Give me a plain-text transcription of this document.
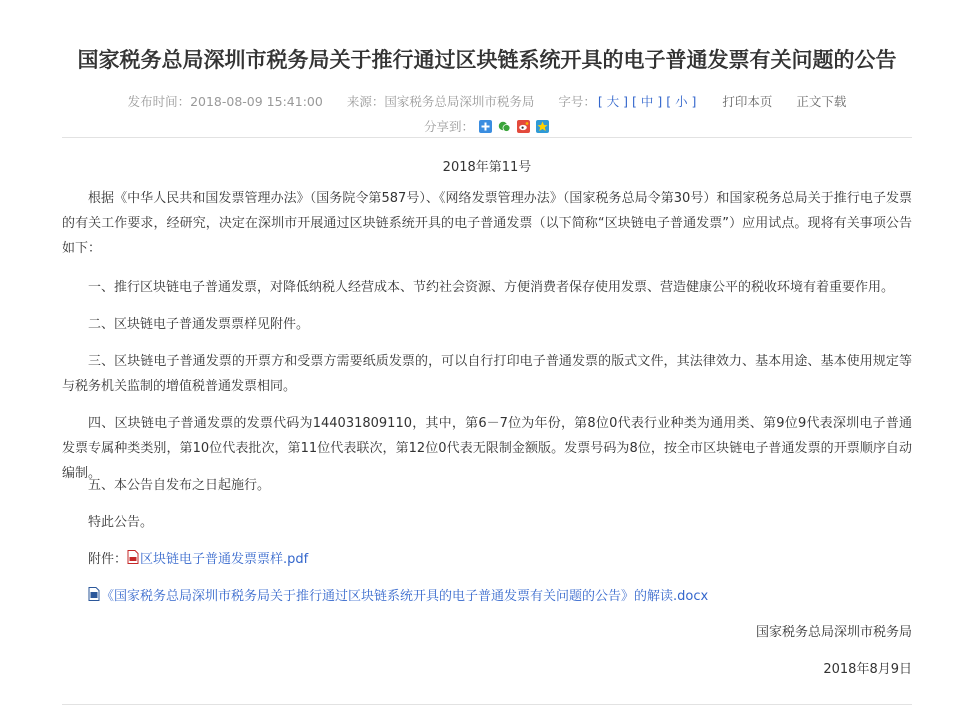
国家税务总局深圳市税务局关于推行通过区块链系统开具的电子普通发票有关问题的公告
发布时间：2018-08-09 15:41:00 来源：国家税务总局深圳市税务局 字号： [ 大 ] [ 中 ] [ 小 ] 打印本页 正文下载
分享到：
2018年第11号
根据《中华人民共和国发票管理办法》（国务院令第587号）、《网络发票管理办法》（国家税务总局令第30号）和国家税务总局关于推行电子发票的有关工作要求，经研究，决定在深圳市开展通过区块链系统开具的电子普通发票（以下简称“区块链电子普通发票”）应用试点。现将有关事项公告如下：
一、推行区块链电子普通发票，对降低纳税人经营成本、节约社会资源、方便消费者保存使用发票、营造健康公平的税收环境有着重要作用。
二、区块链电子普通发票票样见附件。
三、区块链电子普通发票的开票方和受票方需要纸质发票的，可以自行打印电子普通发票的版式文件，其法律效力、基本用途、基本使用规定等与税务机关监制的增值税普通发票相同。
四、区块链电子普通发票的发票代码为144031809110，其中，第6－7位为年份，第8位0代表行业种类为通用类、第9位9代表深圳电子普通发票专属种类类别，第10位代表批次，第11位代表联次，第12位0代表无限制金额版。发票号码为8位，按全市区块链电子普通发票的开票顺序自动编制。
五、本公告自发布之日起施行。
特此公告。
附件： 区块链电子普通发票票样.pdf
《国家税务总局深圳市税务局关于推行通过区块链系统开具的电子普通发票有关问题的公告》的解读.docx
国家税务总局深圳市税务局
2018年8月9日
